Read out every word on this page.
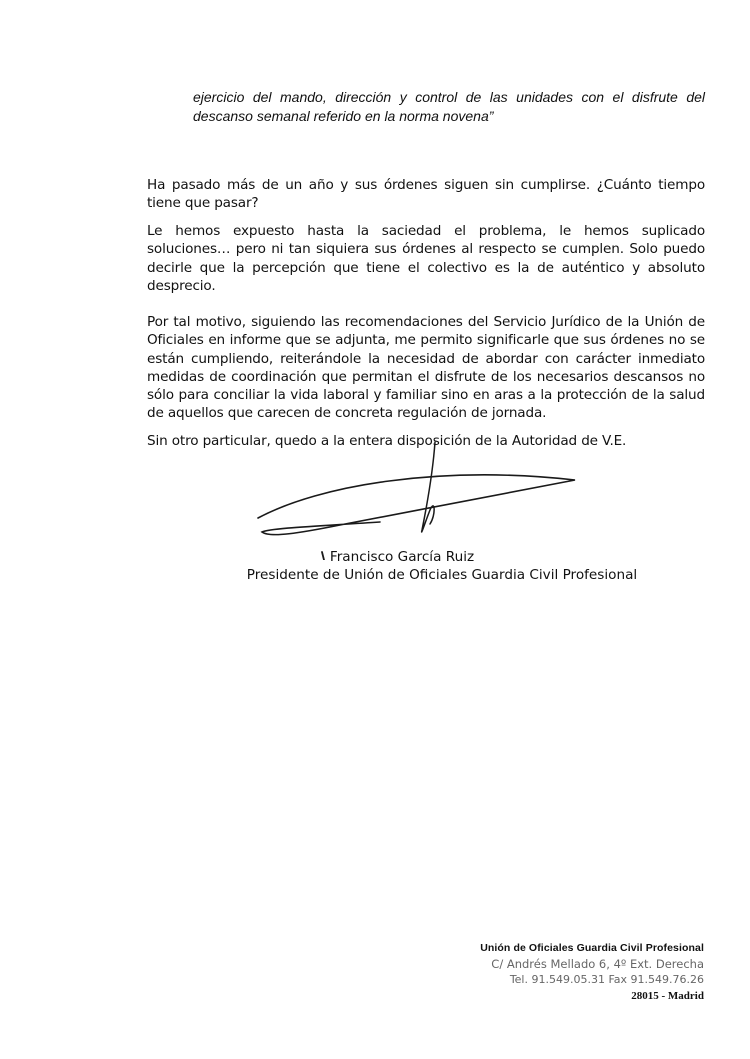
ejercicio del mando, dirección y control de las unidades con el disfrute del descanso semanal referido en la norma novena”

Ha pasado más de un año y sus órdenes siguen sin cumplirse. ¿Cuánto tiempo tiene que pasar?

Le hemos expuesto hasta la saciedad el problema, le hemos suplicado soluciones… pero ni tan siquiera sus órdenes al respecto se cumplen. Solo puedo decirle que la percepción que tiene el colectivo es la de auténtico y absoluto desprecio.

Por tal motivo, siguiendo las recomendaciones del Servicio Jurídico de la Unión de Oficiales en informe que se adjunta, me permito significarle que sus órdenes no se están cumpliendo, reiterándole la necesidad de abordar con carácter inmediato medidas de coordinación que permitan el disfrute de los necesarios descansos no sólo para conciliar la vida laboral y familiar sino en aras a la protección de la salud de aquellos que carecen de concreta regulación de jornada.

Sin otro particular, quedo a la entera disposición de la Autoridad de V.E.

Francisco García Ruiz

Presidente de Unión de Oficiales Guardia Civil Profesional

Unión de Oficiales Guardia Civil Profesional

C/ Andrés Mellado 6, 4º Ext. Derecha

Tel. 91.549.05.31 Fax 91.549.76.26

28015 - Madrid
